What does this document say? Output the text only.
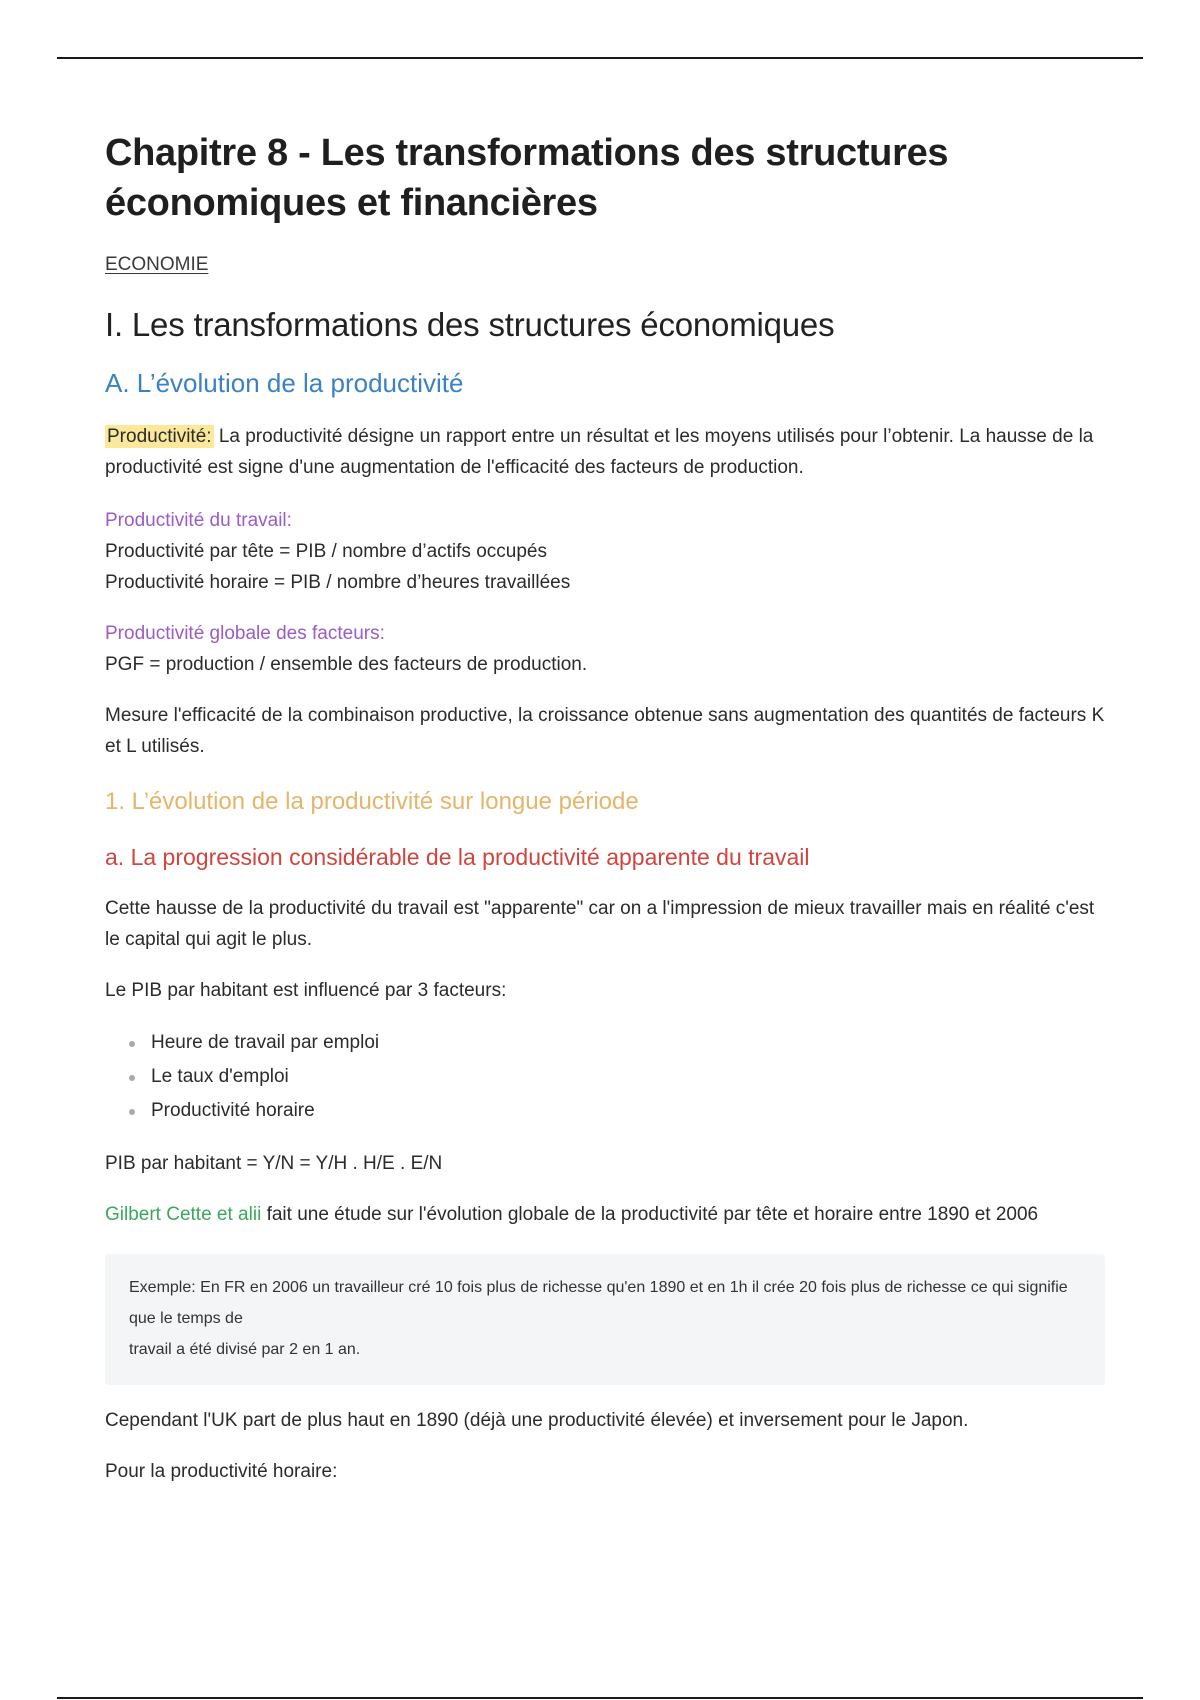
Chapitre 8 - Les transformations des structures économiques et financières
ECONOMIE
I. Les transformations des structures économiques
A. L’évolution de la productivité

Productivité: La productivité désigne un rapport entre un résultat et les moyens utilisés pour l’obtenir. La hausse de la productivité est signe d'une augmentation de l'efficacité des facteurs de production.

Productivité du travail:

Productivité par tête = PIB / nombre d’actifs occupés

Productivité horaire = PIB / nombre d’heures travaillées

Productivité globale des facteurs:

PGF = production / ensemble des facteurs de production.

Mesure l'efficacité de la combinaison productive, la croissance obtenue sans augmentation des quantités de facteurs K et L utilisés.

1. L’évolution de la productivité sur longue période
a. La progression considérable de la productivité apparente du travail

Cette hausse de la productivité du travail est "apparente" car on a l'impression de mieux travailler mais en réalité c'est le capital qui agit le plus.

Le PIB par habitant est influencé par 3 facteurs:

Heure de travail par emploi
Le taux d'emploi
Productivité horaire

PIB par habitant = Y/N = Y/H . H/E . E/N

Gilbert Cette et alii fait une étude sur l'évolution globale de la productivité par tête et horaire entre 1890 et 2006

Exemple: En FR en 2006 un travailleur cré 10 fois plus de richesse qu'en 1890 et en 1h il crée 20 fois plus de richesse ce qui signifie que le temps de
travail a été divisé par 2 en 1 an.

Cependant l'UK part de plus haut en 1890 (déjà une productivité élevée) et inversement pour le Japon.

Pour la productivité horaire:
